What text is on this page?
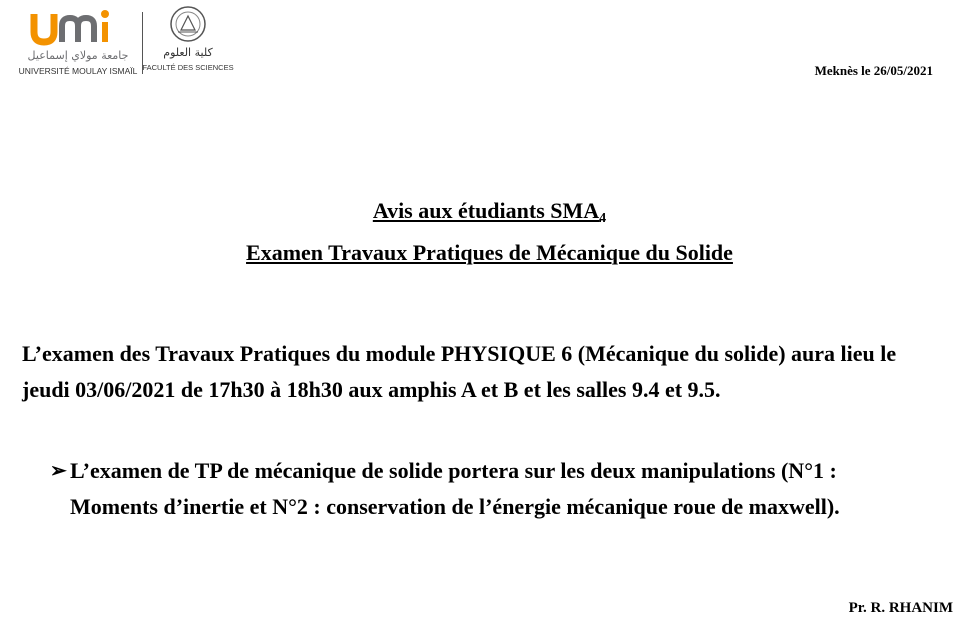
جامعة مولاي إسماعيل
UNIVERSITÉ MOULAY ISMAÏL
كلية العلوم
FACULTÉ DES SCIENCES	Meknès le 26/05/2021
Avis aux étudiants $SMA_4$
Examen Travaux Pratiques de Mécanique du Solide
L’examen des Travaux Pratiques du module PHYSIQUE 6 (Mécanique du solide) aura lieu le jeudi 03/06/2021 de 17h30 à 18h30 aux amphis A et B et les salles 9.4 et 9.5.
➢ L’examen de TP de mécanique de solide portera sur les deux manipulations (N°1 : Moments d’inertie et N°2 : conservation de l’énergie mécanique roue de maxwell).
Pr. R. RHANIM
